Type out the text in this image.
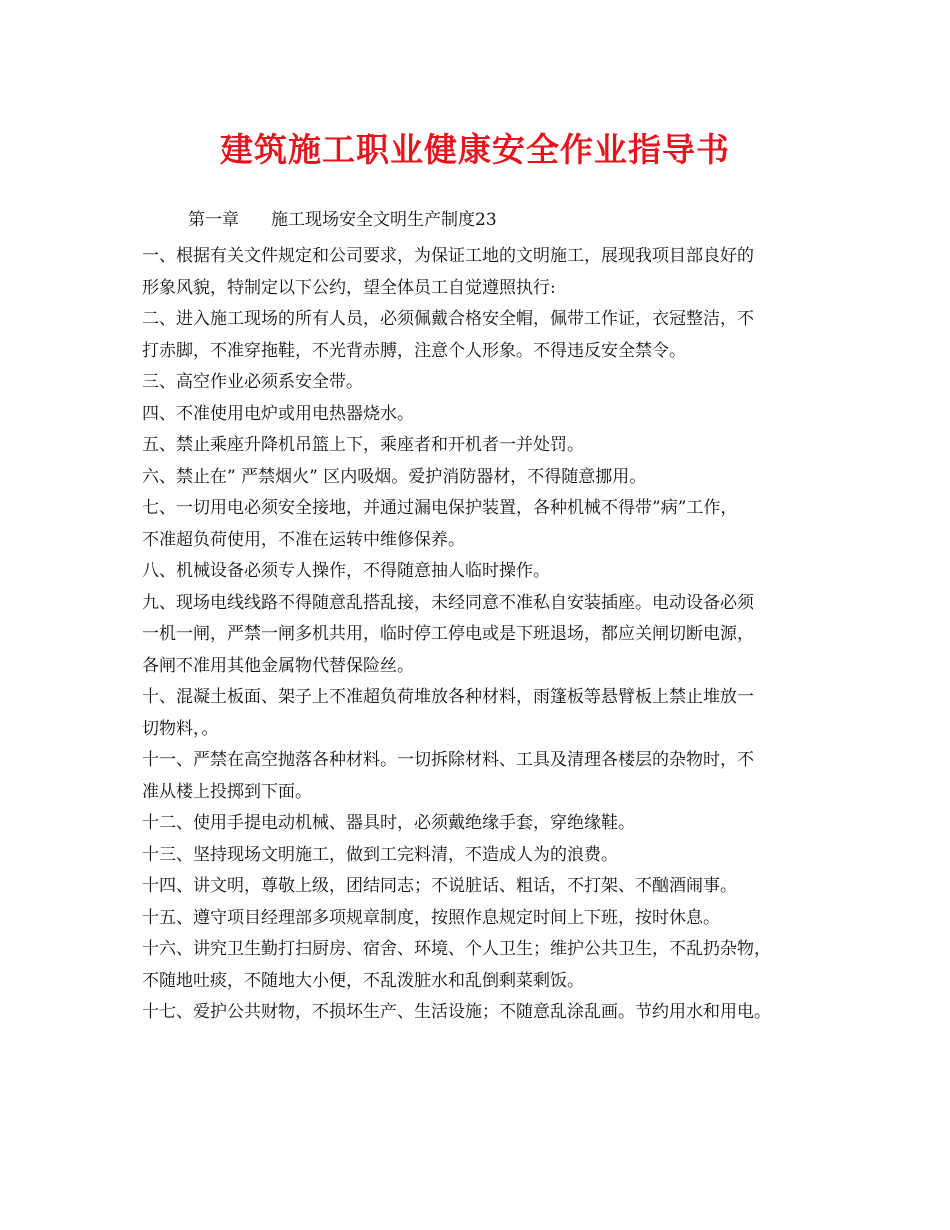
建筑施工职业健康安全作业指导书
第一章 施工现场安全文明生产制度23
一、根据有关文件规定和公司要求，为保证工地的文明施工，展现我项目部良好的
形象风貌，特制定以下公约，望全体员工自觉遵照执行:
二、进入施工现场的所有人员，必须佩戴合格安全帽，佩带工作证，衣冠整洁，不
打赤脚，不准穿拖鞋，不光背赤膊，注意个人形象。不得违反安全禁令。
三、高空作业必须系安全带。
四、不准使用电炉或用电热器烧水。
五、禁止乘座升降机吊篮上下，乘座者和开机者一并处罚。
六、禁止在” 严禁烟火” 区内吸烟。爱护消防器材，不得随意挪用。
七、一切用电必须安全接地，并通过漏电保护装置，各种机械不得带”病”工作，
不准超负荷使用，不准在运转中维修保养。
八、机械设备必须专人操作，不得随意抽人临时操作。
九、现场电线线路不得随意乱搭乱接，未经同意不准私自安装插座。电动设备必须
一机一闸，严禁一闸多机共用，临时停工停电或是下班退场，都应关闸切断电源，
各闸不准用其他金属物代替保险丝。
十、混凝土板面、架子上不准超负荷堆放各种材料，雨篷板等悬臂板上禁止堆放一
切物料，。
十一、严禁在高空抛落各种材料。一切拆除材料、工具及清理各楼层的杂物时，不
准从楼上投掷到下面。
十二、使用手提电动机械、器具时，必须戴绝缘手套，穿绝缘鞋。
十三、坚持现场文明施工，做到工完料清，不造成人为的浪费。
十四、讲文明，尊敬上级，团结同志；不说脏话、粗话，不打架、不酗酒闹事。
十五、遵守项目经理部多项规章制度，按照作息规定时间上下班，按时休息。
十六、讲究卫生勤打扫厨房、宿舍、环境、个人卫生；维护公共卫生，不乱扔杂物，
不随地吐痰，不随地大小便，不乱泼脏水和乱倒剩菜剩饭。
十七、爱护公共财物，不损坏生产、生活设施；不随意乱涂乱画。节约用水和用电。
